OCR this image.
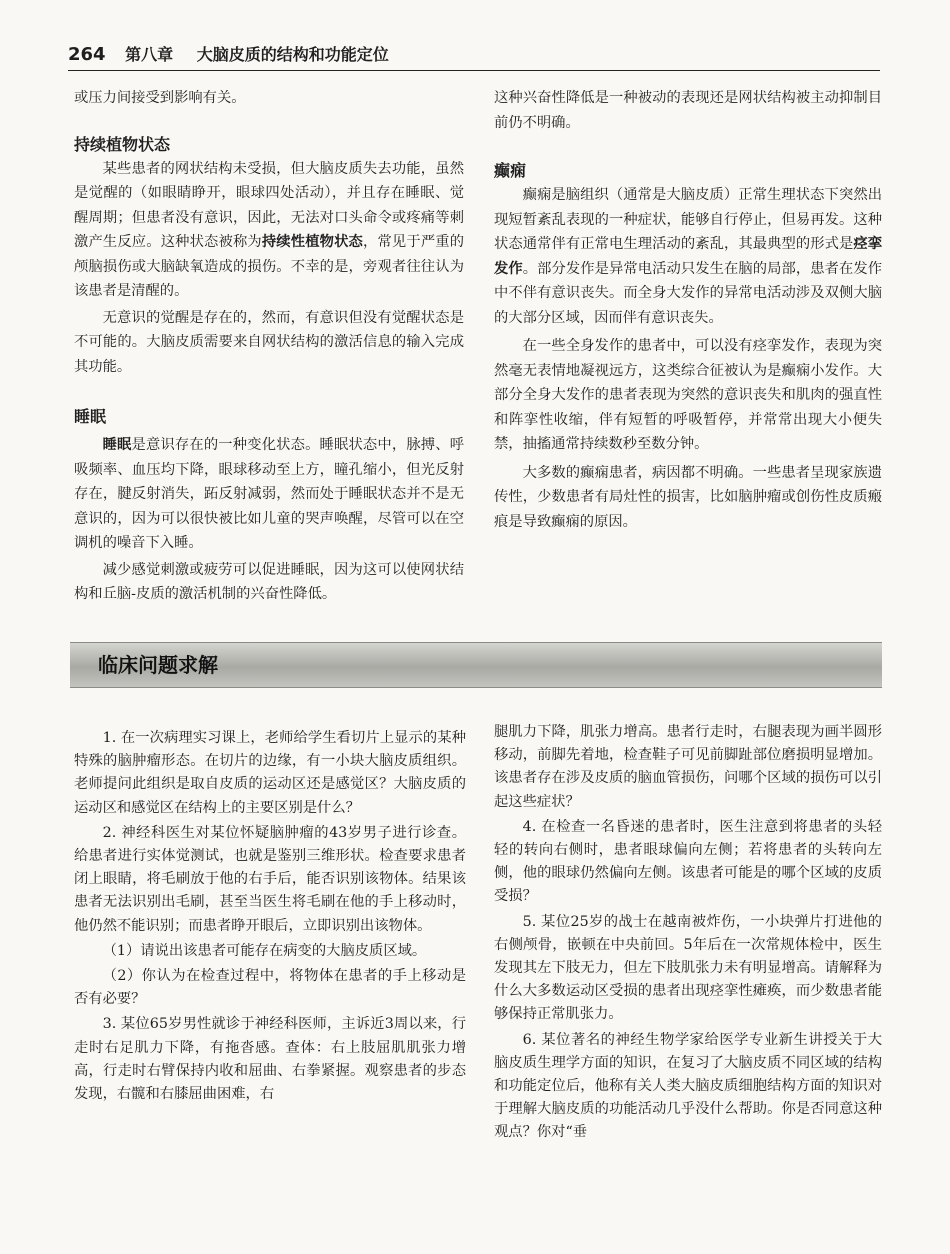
264 第八章 大脑皮质的结构和功能定位

或压力间接受到影响有关。

持续植物状态

某些患者的网状结构未受损，但大脑皮质失去功能，虽然是觉醒的（如眼睛睁开，眼球四处活动），并且存在睡眠、觉醒周期；但患者没有意识，因此，无法对口头命令或疼痛等刺激产生反应。这种状态被称为持续性植物状态，常见于严重的颅脑损伤或大脑缺氧造成的损伤。不幸的是，旁观者往往认为该患者是清醒的。

无意识的觉醒是存在的，然而，有意识但没有觉醒状态是不可能的。大脑皮质需要来自网状结构的激活信息的输入完成其功能。

睡眠

睡眠是意识存在的一种变化状态。睡眠状态中，脉搏、呼吸频率、血压均下降，眼球移动至上方，瞳孔缩小，但光反射存在，腱反射消失，跖反射减弱，然而处于睡眠状态并不是无意识的，因为可以很快被比如儿童的哭声唤醒，尽管可以在空调机的噪音下入睡。

减少感觉刺激或疲劳可以促进睡眠，因为这可以使网状结构和丘脑-皮质的激活机制的兴奋性降低。

这种兴奋性降低是一种被动的表现还是网状结构被主动抑制目前仍不明确。

癫痫

癫痫是脑组织（通常是大脑皮质）正常生理状态下突然出现短暂紊乱表现的一种症状，能够自行停止，但易再发。这种状态通常伴有正常电生理活动的紊乱，其最典型的形式是痉挛发作。部分发作是异常电活动只发生在脑的局部，患者在发作中不伴有意识丧失。而全身大发作的异常电活动涉及双侧大脑的大部分区域，因而伴有意识丧失。

在一些全身发作的患者中，可以没有痉挛发作，表现为突然毫无表情地凝视远方，这类综合征被认为是癫痫小发作。大部分全身大发作的患者表现为突然的意识丧失和肌肉的强直性和阵挛性收缩，伴有短暂的呼吸暂停，并常常出现大小便失禁，抽搐通常持续数秒至数分钟。

大多数的癫痫患者，病因都不明确。一些患者呈现家族遗传性，少数患者有局灶性的损害，比如脑肿瘤或创伤性皮质瘢痕是导致癫痫的原因。

临床问题求解

1. 在一次病理实习课上，老师给学生看切片上显示的某种特殊的脑肿瘤形态。在切片的边缘，有一小块大脑皮质组织。老师提问此组织是取自皮质的运动区还是感觉区？大脑皮质的运动区和感觉区在结构上的主要区别是什么？

2. 神经科医生对某位怀疑脑肿瘤的43岁男子进行诊查。给患者进行实体觉测试，也就是鉴别三维形状。检查要求患者闭上眼睛，将毛刷放于他的右手后，能否识别该物体。结果该患者无法识别出毛刷，甚至当医生将毛刷在他的手上移动时，他仍然不能识别；而患者睁开眼后，立即识别出该物体。

（1）请说出该患者可能存在病变的大脑皮质区域。

（2）你认为在检查过程中，将物体在患者的手上移动是否有必要？

3. 某位65岁男性就诊于神经科医师，主诉近3周以来，行走时右足肌力下降，有拖沓感。查体：右上肢屈肌肌张力增高，行走时右臂保持内收和屈曲、右拳紧握。观察患者的步态发现，右髋和右膝屈曲困难，右

腿肌力下降，肌张力增高。患者行走时，右腿表现为画半圆形移动，前脚先着地，检查鞋子可见前脚趾部位磨损明显增加。该患者存在涉及皮质的脑血管损伤，问哪个区域的损伤可以引起这些症状？

4. 在检查一名昏迷的患者时，医生注意到将患者的头轻轻的转向右侧时，患者眼球偏向左侧；若将患者的头转向左侧，他的眼球仍然偏向左侧。该患者可能是的哪个区域的皮质受损？

5. 某位25岁的战士在越南被炸伤，一小块弹片打进他的右侧颅骨，嵌顿在中央前回。5年后在一次常规体检中，医生发现其左下肢无力，但左下肢肌张力未有明显增高。请解释为什么大多数运动区受损的患者出现痉挛性瘫痪，而少数患者能够保持正常肌张力。

6. 某位著名的神经生物学家给医学专业新生讲授关于大脑皮质生理学方面的知识，在复习了大脑皮质不同区域的结构和功能定位后，他称有关人类大脑皮质细胞结构方面的知识对于理解大脑皮质的功能活动几乎没什么帮助。你是否同意这种观点？你对“垂
